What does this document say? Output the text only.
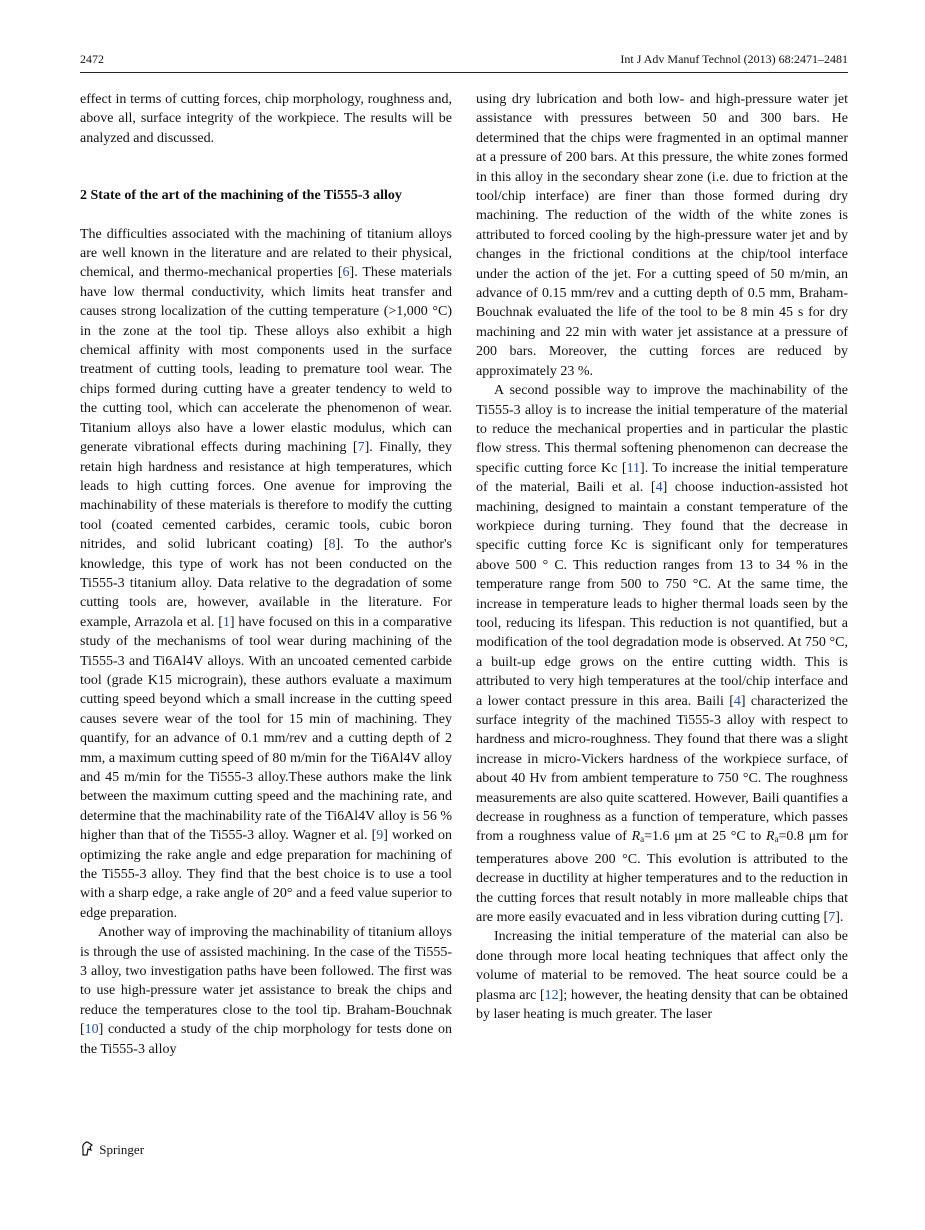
2472	Int J Adv Manuf Technol (2013) 68:2471–2481

effect in terms of cutting forces, chip morphology, roughness and, above all, surface integrity of the workpiece. The results will be analyzed and discussed.

2 State of the art of the machining of the Ti555-3 alloy

The difficulties associated with the machining of titanium alloys are well known in the literature and are related to their physical, chemical, and thermo-mechanical properties [6]. These materials have low thermal conductivity, which limits heat transfer and causes strong localization of the cutting temperature (>1,000 °C) in the zone at the tool tip. These alloys also exhibit a high chemical affinity with most components used in the surface treatment of cutting tools, leading to premature tool wear. The chips formed during cutting have a greater tendency to weld to the cutting tool, which can accelerate the phenomenon of wear. Titanium alloys also have a lower elastic modulus, which can generate vibrational effects during machining [7]. Finally, they retain high hardness and resistance at high temperatures, which leads to high cutting forces. One avenue for improving the machinability of these materials is therefore to modify the cutting tool (coated cemented carbides, ceramic tools, cubic boron nitrides, and solid lubricant coating) [8]. To the author's knowledge, this type of work has not been conducted on the Ti555-3 titanium alloy. Data relative to the degradation of some cutting tools are, however, available in the literature. For example, Arrazola et al. [1] have focused on this in a comparative study of the mechanisms of tool wear during machining of the Ti555-3 and Ti6Al4V alloys. With an uncoated cemented carbide tool (grade K15 micrograin), these authors evaluate a maximum cutting speed beyond which a small increase in the cutting speed causes severe wear of the tool for 15 min of machining. They quantify, for an advance of 0.1 mm/rev and a cutting depth of 2 mm, a maximum cutting speed of 80 m/min for the Ti6Al4V alloy and 45 m/min for the Ti555-3 alloy.These authors make the link between the maximum cutting speed and the machining rate, and determine that the machinability rate of the Ti6Al4V alloy is 56 % higher than that of the Ti555-3 alloy. Wagner et al. [9] worked on optimizing the rake angle and edge preparation for machining of the Ti555-3 alloy. They find that the best choice is to use a tool with a sharp edge, a rake angle of 20° and a feed value superior to edge preparation.

Another way of improving the machinability of titanium alloys is through the use of assisted machining. In the case of the Ti555-3 alloy, two investigation paths have been followed. The first was to use high-pressure water jet assistance to break the chips and reduce the temperatures close to the tool tip. Braham-Bouchnak [10] conducted a study of the chip morphology for tests done on the Ti555-3 alloy

using dry lubrication and both low- and high-pressure water jet assistance with pressures between 50 and 300 bars. He determined that the chips were fragmented in an optimal manner at a pressure of 200 bars. At this pressure, the white zones formed in this alloy in the secondary shear zone (i.e. due to friction at the tool/chip interface) are finer than those formed during dry machining. The reduction of the width of the white zones is attributed to forced cooling by the high-pressure water jet and by changes in the frictional conditions at the chip/tool interface under the action of the jet. For a cutting speed of 50 m/min, an advance of 0.15 mm/rev and a cutting depth of 0.5 mm, Braham-Bouchnak evaluated the life of the tool to be 8 min 45 s for dry machining and 22 min with water jet assistance at a pressure of 200 bars. Moreover, the cutting forces are reduced by approximately 23 %.

A second possible way to improve the machinability of the Ti555-3 alloy is to increase the initial temperature of the material to reduce the mechanical properties and in particular the plastic flow stress. This thermal softening phenomenon can decrease the specific cutting force Kc [11]. To increase the initial temperature of the material, Baili et al. [4] choose induction-assisted hot machining, designed to maintain a constant temperature of the workpiece during turning. They found that the decrease in specific cutting force Kc is significant only for temperatures above 500 ° C. This reduction ranges from 13 to 34 % in the temperature range from 500 to 750 °C. At the same time, the increase in temperature leads to higher thermal loads seen by the tool, reducing its lifespan. This reduction is not quantified, but a modification of the tool degradation mode is observed. At 750 °C, a built-up edge grows on the entire cutting width. This is attributed to very high temperatures at the tool/chip interface and a lower contact pressure in this area. Baili [4] characterized the surface integrity of the machined Ti555-3 alloy with respect to hardness and micro-roughness. They found that there was a slight increase in micro-Vickers hardness of the workpiece surface, of about 40 Hv from ambient temperature to 750 °C. The roughness measurements are also quite scattered. However, Baili quantifies a decrease in roughness as a function of temperature, which passes from a roughness value of $R_a=1.6$ μm at 25 °C to $R_a=0.8$ μm for temperatures above 200 °C. This evolution is attributed to the decrease in ductility at higher temperatures and to the reduction in the cutting forces that result notably in more malleable chips that are more easily evacuated and in less vibration during cutting [7].

Increasing the initial temperature of the material can also be done through more local heating techniques that affect only the volume of material to be removed. The heat source could be a plasma arc [12]; however, the heating density that can be obtained by laser heating is much greater. The laser

Springer
